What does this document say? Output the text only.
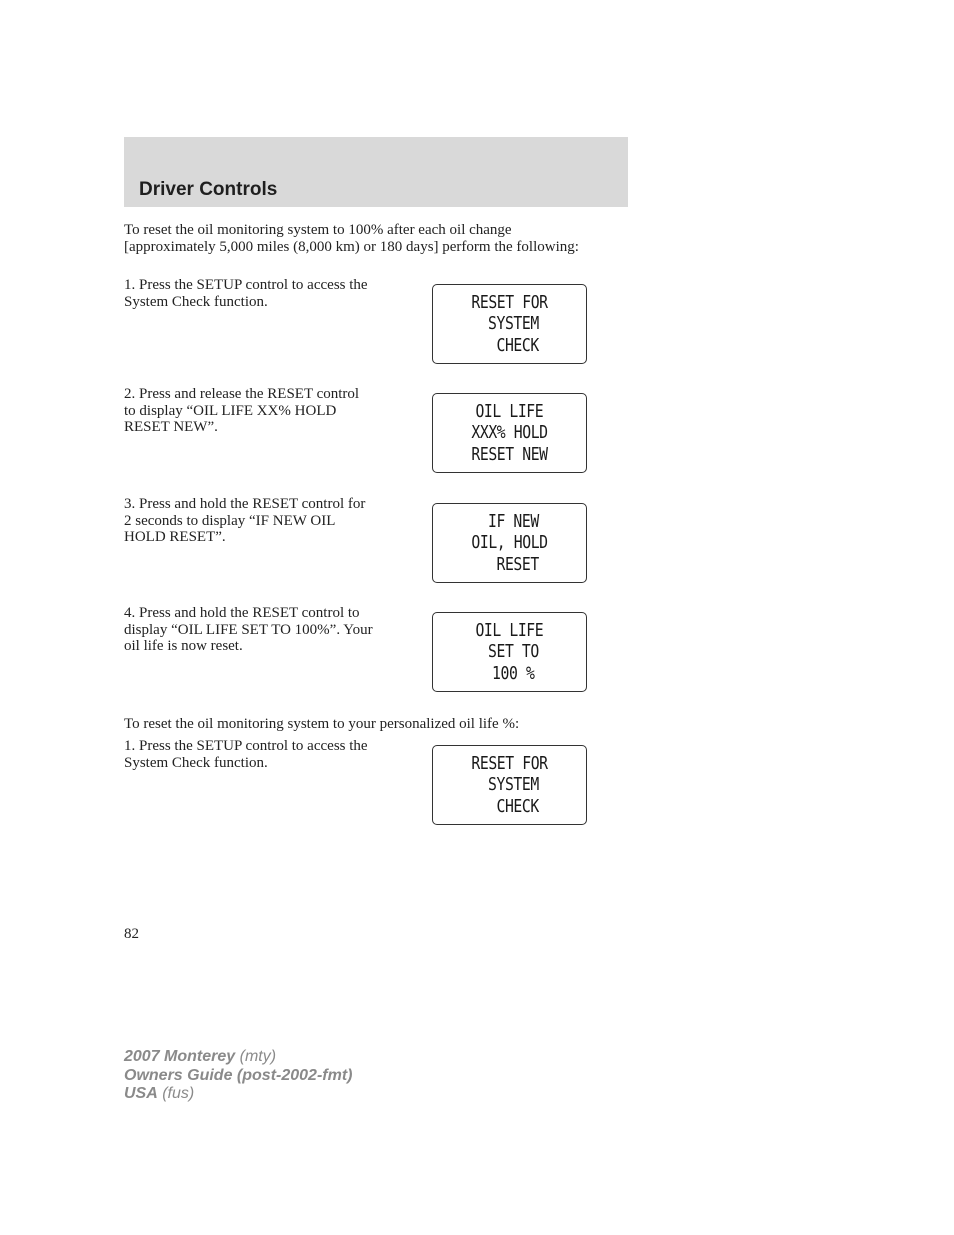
Driver Controls

To reset the oil monitoring system to 100% after each oil change [approximately 5,000 miles (8,000 km) or 180 days] perform the following:

1. Press the SETUP control to access the System Check function.	RESET FOR
SYSTEM
CHECK

2. Press and release the RESET control to display “OIL LIFE XX% HOLD RESET NEW”.

OIL LIFE
XXX% HOLD
RESET NEW

3. Press and hold the RESET control for 2 seconds to display “IF NEW OIL HOLD RESET”.

IF NEW
OIL, HOLD
RESET

4. Press and hold the RESET control to display “OIL LIFE SET TO 100%”. Your oil life is now reset.

OIL LIFE
SET TO
100 %

To reset the oil monitoring system to your personalized oil life %:

1. Press the SETUP control to access the System Check function.	RESET FOR
SYSTEM
CHECK

82

2007 Monterey (mty)
Owners Guide (post-2002-fmt)
USA (fus)
